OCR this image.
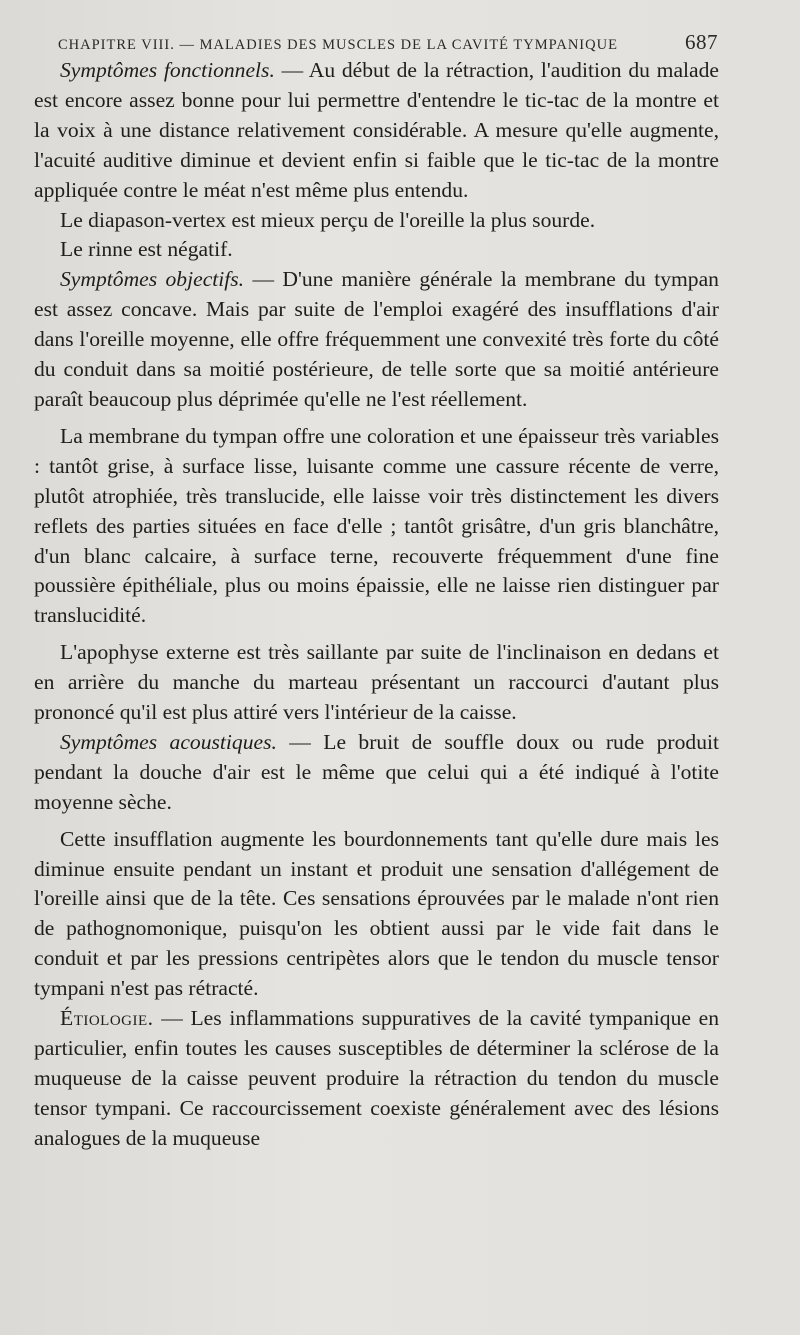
CHAPITRE VIII. — MALADIES DES MUSCLES DE LA CAVITÉ TYMPANIQUE	687

Symptômes fonctionnels. — Au début de la rétraction, l'audition du malade est encore assez bonne pour lui permettre d'entendre le tic-tac de la montre et la voix à une distance relativement considérable. A mesure qu'elle augmente, l'acuité auditive diminue et devient enfin si faible que le tic-tac de la montre appliquée contre le méat n'est même plus entendu.

Le diapason-vertex est mieux perçu de l'oreille la plus sourde.

Le rinne est négatif.

Symptômes objectifs. — D'une manière générale la membrane du tympan est assez concave. Mais par suite de l'emploi exagéré des insufflations d'air dans l'oreille moyenne, elle offre fréquemment une convexité très forte du côté du conduit dans sa moitié postérieure, de telle sorte que sa moitié antérieure paraît beaucoup plus déprimée qu'elle ne l'est réellement.

La membrane du tympan offre une coloration et une épaisseur très variables : tantôt grise, à surface lisse, luisante comme une cassure récente de verre, plutôt atrophiée, très translucide, elle laisse voir très distinctement les divers reflets des parties situées en face d'elle ; tantôt grisâtre, d'un gris blanchâtre, d'un blanc calcaire, à surface terne, recouverte fréquemment d'une fine poussière épithéliale, plus ou moins épaissie, elle ne laisse rien distinguer par translucidité.

L'apophyse externe est très saillante par suite de l'inclinaison en dedans et en arrière du manche du marteau présentant un raccourci d'autant plus prononcé qu'il est plus attiré vers l'intérieur de la caisse.

Symptômes acoustiques. — Le bruit de souffle doux ou rude produit pendant la douche d'air est le même que celui qui a été indiqué à l'otite moyenne sèche.

Cette insufflation augmente les bourdonnements tant qu'elle dure mais les diminue ensuite pendant un instant et produit une sensation d'allégement de l'oreille ainsi que de la tête. Ces sensations éprouvées par le malade n'ont rien de pathognomonique, puisqu'on les obtient aussi par le vide fait dans le conduit et par les pressions centripètes alors que le tendon du muscle tensor tympani n'est pas rétracté.

Étiologie. — Les inflammations suppuratives de la cavité tympanique en particulier, enfin toutes les causes susceptibles de déterminer la sclérose de la muqueuse de la caisse peuvent produire la rétraction du tendon du muscle tensor tympani. Ce raccourcissement coexiste généralement avec des lésions analogues de la muqueuse
